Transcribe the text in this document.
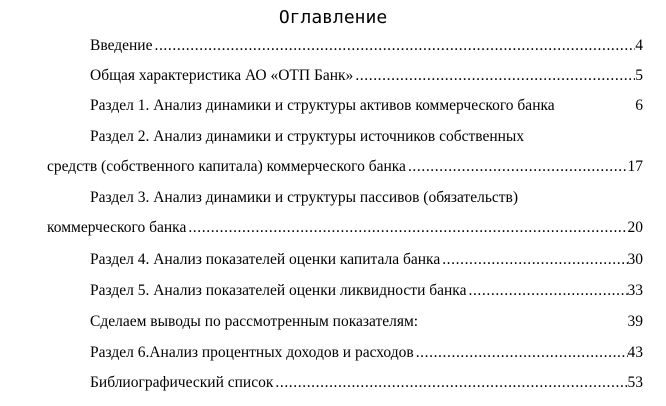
Оглавление
Введение .....	4
Общая характеристика АО «ОТП Банк» .....	5
Раздел 1. Анализ динамики и структуры активов коммерческого банка	6
Раздел 2. Анализ динамики и структуры источников собственных
средств (собственного капитала) коммерческого банка .....	17
Раздел 3. Анализ динамики и структуры пассивов (обязательств)
коммерческого банка .....	20
Раздел 4. Анализ показателей оценки капитала банка .....	30
Раздел 5. Анализ показателей оценки ликвидности банка .....	33
Сделаем выводы по рассмотренным показателям:	39
Раздел 6.Анализ процентных доходов и расходов .....	43
Библиографический список .....	53
